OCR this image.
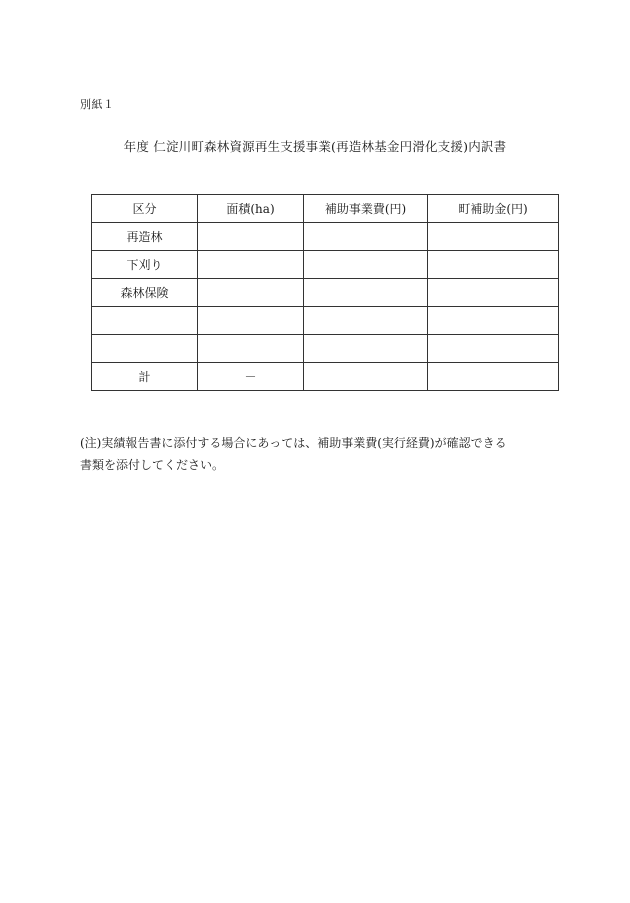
別紙１
年度 仁淀川町森林資源再生支援事業(再造林基金円滑化支援)内訳書
区分	面積(ha)	補助事業費(円)	町補助金(円)
再造林			
下刈り			
森林保険			

計	－		
(注)実績報告書に添付する場合にあっては、補助事業費(実行経費)が確認できる
書類を添付してください。
